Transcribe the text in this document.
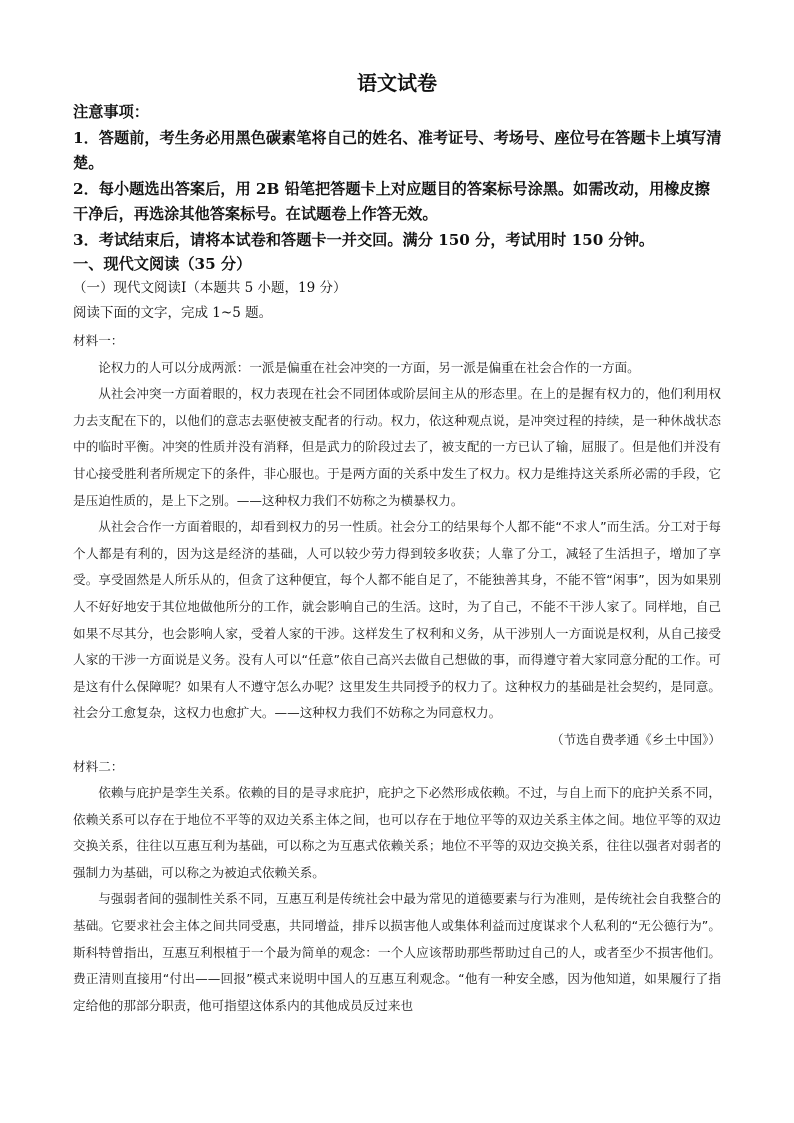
语文试卷

注意事项：

1．答题前，考生务必用黑色碳素笔将自己的姓名、准考证号、考场号、座位号在答题卡上填写清楚。

2．每小题选出答案后，用 2B 铅笔把答题卡上对应题目的答案标号涂黑。如需改动，用橡皮擦干净后，再选涂其他答案标号。在试题卷上作答无效。

3．考试结束后，请将本试卷和答题卡一并交回。满分 150 分，考试用时 150 分钟。

一、现代文阅读（35 分）

（一）现代文阅读Ⅰ（本题共 5 小题，19 分）

阅读下面的文字，完成 1~5 题。

材料一：

论权力的人可以分成两派：一派是偏重在社会冲突的一方面，另一派是偏重在社会合作的一方面。

从社会冲突一方面着眼的，权力表现在社会不同团体或阶层间主从的形态里。在上的是握有权力的，他们利用权力去支配在下的，以他们的意志去驱使被支配者的行动。权力，依这种观点说，是冲突过程的持续，是一种休战状态中的临时平衡。冲突的性质并没有消释，但是武力的阶段过去了，被支配的一方已认了输，屈服了。但是他们并没有甘心接受胜利者所规定下的条件，非心服也。于是两方面的关系中发生了权力。权力是维持这关系所必需的手段，它是压迫性质的，是上下之别。——这种权力我们不妨称之为横暴权力。

从社会合作一方面着眼的，却看到权力的另一性质。社会分工的结果每个人都不能“不求人”而生活。分工对于每个人都是有利的，因为这是经济的基础，人可以较少劳力得到较多收获；人靠了分工，减轻了生活担子，增加了享受。享受固然是人所乐从的，但贪了这种便宜，每个人都不能自足了，不能独善其身，不能不管“闲事”，因为如果别人不好好地安于其位地做他所分的工作，就会影响自己的生活。这时，为了自己，不能不干涉人家了。同样地，自己如果不尽其分，也会影响人家，受着人家的干涉。这样发生了权利和义务，从干涉别人一方面说是权利，从自己接受人家的干涉一方面说是义务。没有人可以“任意”依自己高兴去做自己想做的事，而得遵守着大家同意分配的工作。可是这有什么保障呢？如果有人不遵守怎么办呢？这里发生共同授予的权力了。这种权力的基础是社会契约，是同意。社会分工愈复杂，这权力也愈扩大。——这种权力我们不妨称之为同意权力。

（节选自费孝通《乡土中国》）

材料二：

依赖与庇护是孪生关系。依赖的目的是寻求庇护，庇护之下必然形成依赖。不过，与自上而下的庇护关系不同，依赖关系可以存在于地位不平等的双边关系主体之间，也可以存在于地位平等的双边关系主体之间。地位平等的双边交换关系，往往以互惠互利为基础，可以称之为互惠式依赖关系；地位不平等的双边交换关系，往往以强者对弱者的强制力为基础，可以称之为被迫式依赖关系。

与强弱者间的强制性关系不同，互惠互利是传统社会中最为常见的道德要素与行为准则，是传统社会自我整合的基础。它要求社会主体之间共同受惠，共同增益，排斥以损害他人或集体利益而过度谋求个人私利的“无公德行为”。斯科特曾指出，互惠互利根植于一个最为简单的观念：一个人应该帮助那些帮助过自己的人，或者至少不损害他们。费正清则直接用“付出——回报”模式来说明中国人的互惠互利观念。“他有一种安全感，因为他知道，如果履行了指定给他的那部分职责，他可指望这体系内的其他成员反过来也
